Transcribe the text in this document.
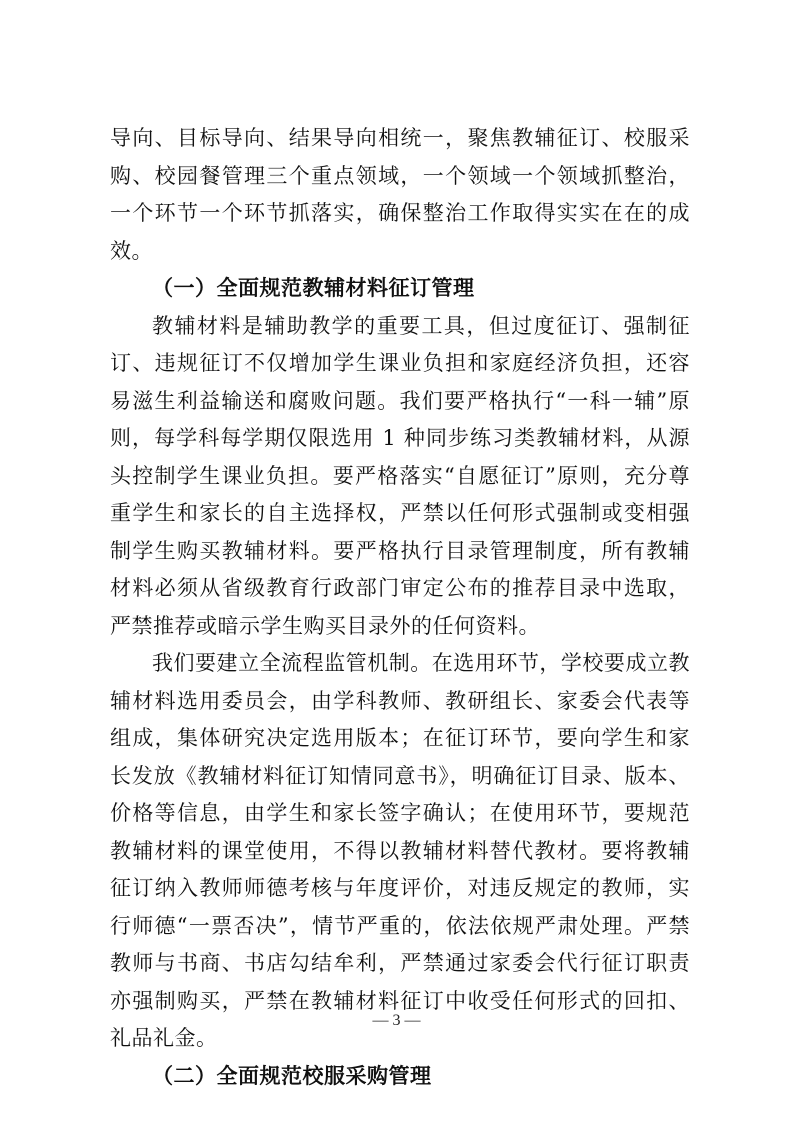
导向、目标导向、结果导向相统一，聚焦教辅征订、校服采购、校园餐管理三个重点领域，一个领域一个领域抓整治，一个环节一个环节抓落实，确保整治工作取得实实在在的成效。

（一）全面规范教辅材料征订管理

教辅材料是辅助教学的重要工具，但过度征订、强制征订、违规征订不仅增加学生课业负担和家庭经济负担，还容易滋生利益输送和腐败问题。我们要严格执行“一科一辅”原则，每学科每学期仅限选用 1 种同步练习类教辅材料，从源头控制学生课业负担。要严格落实“自愿征订”原则，充分尊重学生和家长的自主选择权，严禁以任何形式强制或变相强制学生购买教辅材料。要严格执行目录管理制度，所有教辅材料必须从省级教育行政部门审定公布的推荐目录中选取，严禁推荐或暗示学生购买目录外的任何资料。

我们要建立全流程监管机制。在选用环节，学校要成立教辅材料选用委员会，由学科教师、教研组长、家委会代表等组成，集体研究决定选用版本；在征订环节，要向学生和家长发放《教辅材料征订知情同意书》，明确征订目录、版本、价格等信息，由学生和家长签字确认；在使用环节，要规范教辅材料的课堂使用，不得以教辅材料替代教材。要将教辅征订纳入教师师德考核与年度评价，对违反规定的教师，实行师德“一票否决”，情节严重的，依法依规严肃处理。严禁教师与书商、书店勾结牟利，严禁通过家委会代行征订职责亦强制购买，严禁在教辅材料征订中收受任何形式的回扣、礼品礼金。

（二）全面规范校服采购管理

— 3 —
